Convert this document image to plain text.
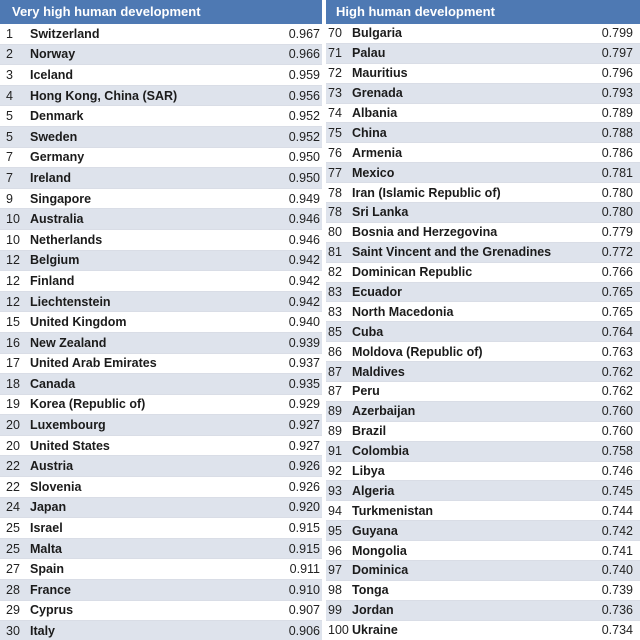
Very high human development
1	Switzerland	0.967
2	Norway	0.966
3	Iceland	0.959
4	Hong Kong, China (SAR)	0.956
5	Denmark	0.952
5	Sweden	0.952
7	Germany	0.950
7	Ireland	0.950
9	Singapore	0.949
10 Australia	0.946
10 Netherlands	0.946
12 Belgium	0.942
12 Finland	0.942
12 Liechtenstein	0.942
15 United Kingdom	0.940
16 New Zealand	0.939
17 United Arab Emirates	0.937
18 Canada	0.935
19 Korea (Republic of)	0.929
20 Luxembourg	0.927
20 United States	0.927
22 Austria	0.926
22 Slovenia	0.926
24 Japan	0.920
25 Israel	0.915
25 Malta	0.915
27 Spain	0.911
28 France	0.910
29 Cyprus	0.907
30 Italy	0.906
High human development
70 Bulgaria	0.799
71 Palau	0.797
72 Mauritius	0.796
73 Grenada	0.793
74 Albania	0.789
75 China	0.788
76 Armenia	0.786
77 Mexico	0.781
78 Iran (Islamic Republic of)	0.780
78 Sri Lanka	0.780
80 Bosnia and Herzegovina	0.779
81 Saint Vincent and the Grenadines	0.772
82 Dominican Republic	0.766
83 Ecuador	0.765
83 North Macedonia	0.765
85 Cuba	0.764
86 Moldova (Republic of)	0.763
87 Maldives	0.762
87 Peru	0.762
89 Azerbaijan	0.760
89 Brazil	0.760
91 Colombia	0.758
92 Libya	0.746
93 Algeria	0.745
94 Turkmenistan	0.744
95 Guyana	0.742
96 Mongolia	0.741
97 Dominica	0.740
98 Tonga	0.739
99 Jordan	0.736
100 Ukraine	0.734
